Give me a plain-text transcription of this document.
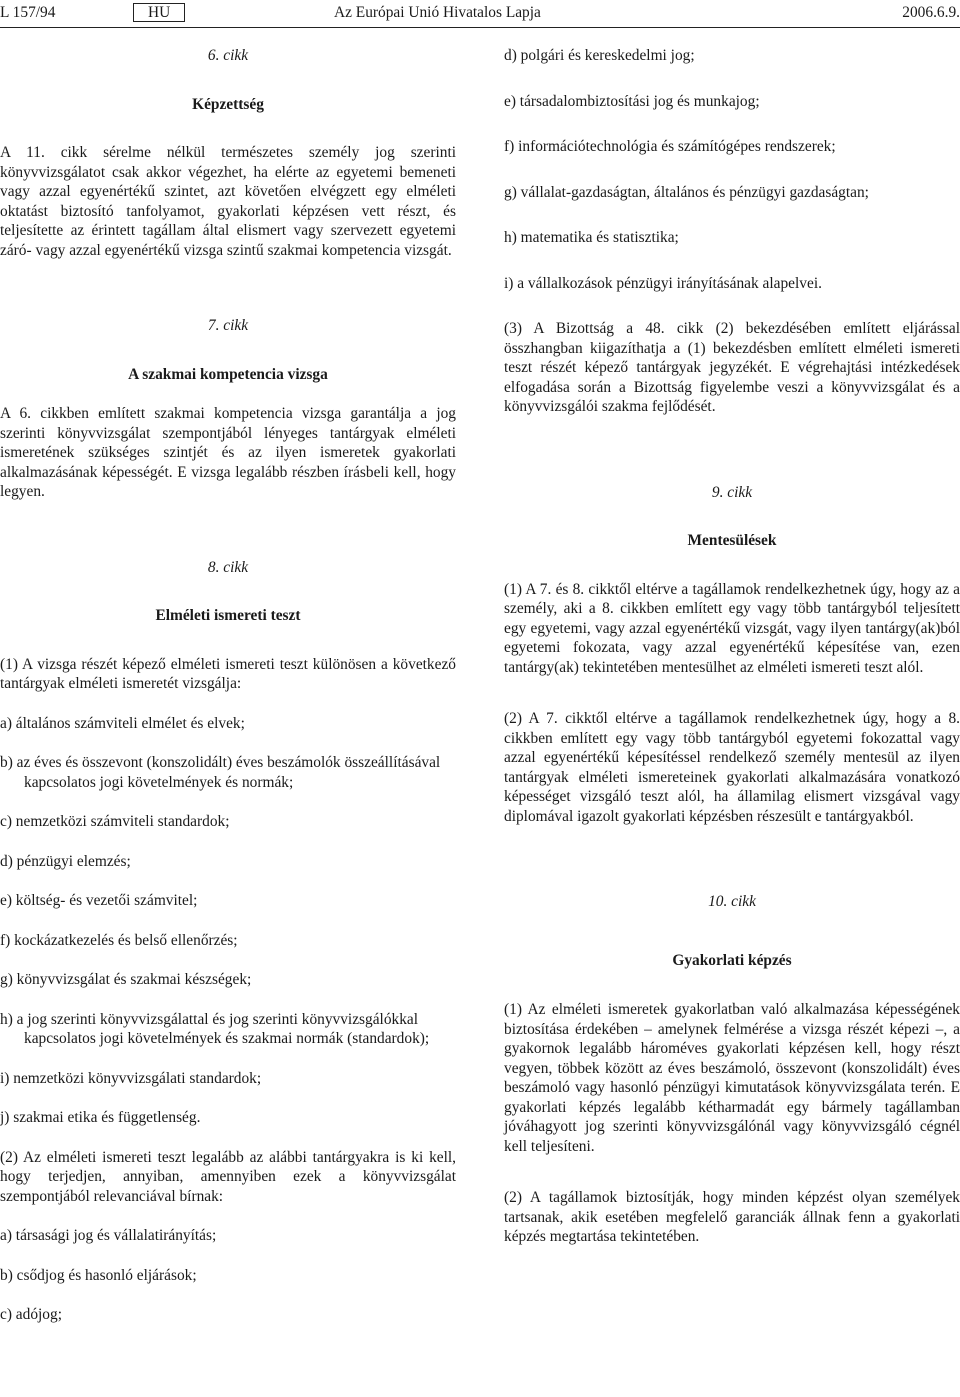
L 157/94	HU	Az Európai Unió Hivatalos Lapja	2006.6.9.

6. cikk

Képzettség

A 11. cikk sérelme nélkül természetes személy jog szerinti könyvvizsgálatot csak akkor végezhet, ha elérte az egyetemi bemeneti vagy azzal egyenértékű szintet, azt követően elvégzett egy elméleti oktatást biztosító tanfolyamot, gyakorlati képzésen vett részt, és teljesítette az érintett tagállam által elismert vagy szervezett egyetemi záró- vagy azzal egyenértékű vizsga szintű szakmai kompetencia vizsgát.

7. cikk

A szakmai kompetencia vizsga

A 6. cikkben említett szakmai kompetencia vizsga garantálja a jog szerinti könyvvizsgálat szempontjából lényeges tantárgyak elméleti ismeretének szükséges szintjét és az ilyen ismeretek gyakorlati alkalmazásának képességét. E vizsga legalább részben írásbeli kell, hogy legyen.

8. cikk

Elméleti ismereti teszt

(1) A vizsga részét képező elméleti ismereti teszt különösen a következő tantárgyak elméleti ismeretét vizsgálja:

a) általános számviteli elmélet és elvek;

b) az éves és összevont (konszolidált) éves beszámolók összeállításával kapcsolatos jogi követelmények és normák;

c) nemzetközi számviteli standardok;

d) pénzügyi elemzés;

e) költség- és vezetői számvitel;

f) kockázatkezelés és belső ellenőrzés;

g) könyvvizsgálat és szakmai készségek;

h) a jog szerinti könyvvizsgálattal és jog szerinti könyvvizsgálókkal kapcsolatos jogi követelmények és szakmai normák (standardok);

i) nemzetközi könyvvizsgálati standardok;

j) szakmai etika és függetlenség.

(2) Az elméleti ismereti teszt legalább az alábbi tantárgyakra is ki kell, hogy terjedjen, annyiban, amennyiben ezek a könyvvizsgálat szempontjából relevanciával bírnak:

a) társasági jog és vállalatirányítás;

b) csődjog és hasonló eljárások;

c) adójog;

d) polgári és kereskedelmi jog;

e) társadalombiztosítási jog és munkajog;

f) információtechnológia és számítógépes rendszerek;

g) vállalat-gazdaságtan, általános és pénzügyi gazdaságtan;

h) matematika és statisztika;

i) a vállalkozások pénzügyi irányításának alapelvei.

(3) A Bizottság a 48. cikk (2) bekezdésében említett eljárással összhangban kiigazíthatja a (1) bekezdésben említett elméleti ismereti teszt részét képező tantárgyak jegyzékét. E végrehajtási intézkedések elfogadása során a Bizottság figyelembe veszi a könyvvizsgálat és a könyvvizsgálói szakma fejlődését.

9. cikk

Mentesülések

(1) A 7. és 8. cikktől eltérve a tagállamok rendelkezhetnek úgy, hogy az a személy, aki a 8. cikkben említett egy vagy több tantárgyból teljesített egy egyetemi, vagy azzal egyenértékű vizsgát, vagy ilyen tantárgy(ak)ból egyetemi fokozata, vagy azzal egyenértékű képesítése van, ezen tantárgy(ak) tekintetében mentesülhet az elméleti ismereti teszt alól.

(2) A 7. cikktől eltérve a tagállamok rendelkezhetnek úgy, hogy a 8. cikkben említett egy vagy több tantárgyból egyetemi fokozattal vagy azzal egyenértékű képesítéssel rendelkező személy mentesül az ilyen tantárgyak elméleti ismereteinek gyakorlati alkalmazására vonatkozó képességet vizsgáló teszt alól, ha államilag elismert vizsgával vagy diplomával igazolt gyakorlati képzésben részesült e tantárgyakból.

10. cikk

Gyakorlati képzés

(1) Az elméleti ismeretek gyakorlatban való alkalmazása képességének biztosítása érdekében – amelynek felmérése a vizsga részét képezi –, a gyakornok legalább hároméves gyakorlati képzésen kell, hogy részt vegyen, többek között az éves beszámoló, összevont (konszolidált) éves beszámoló vagy hasonló pénzügyi kimutatások könyvvizsgálata terén. E gyakorlati képzés legalább kétharmadát egy bármely tagállamban jóváhagyott jog szerinti könyvvizsgálónál vagy könyvvizsgáló cégnél kell teljesíteni.

(2) A tagállamok biztosítják, hogy minden képzést olyan személyek tartsanak, akik esetében megfelelő garanciák állnak fenn a gyakorlati képzés megtartása tekintetében.
